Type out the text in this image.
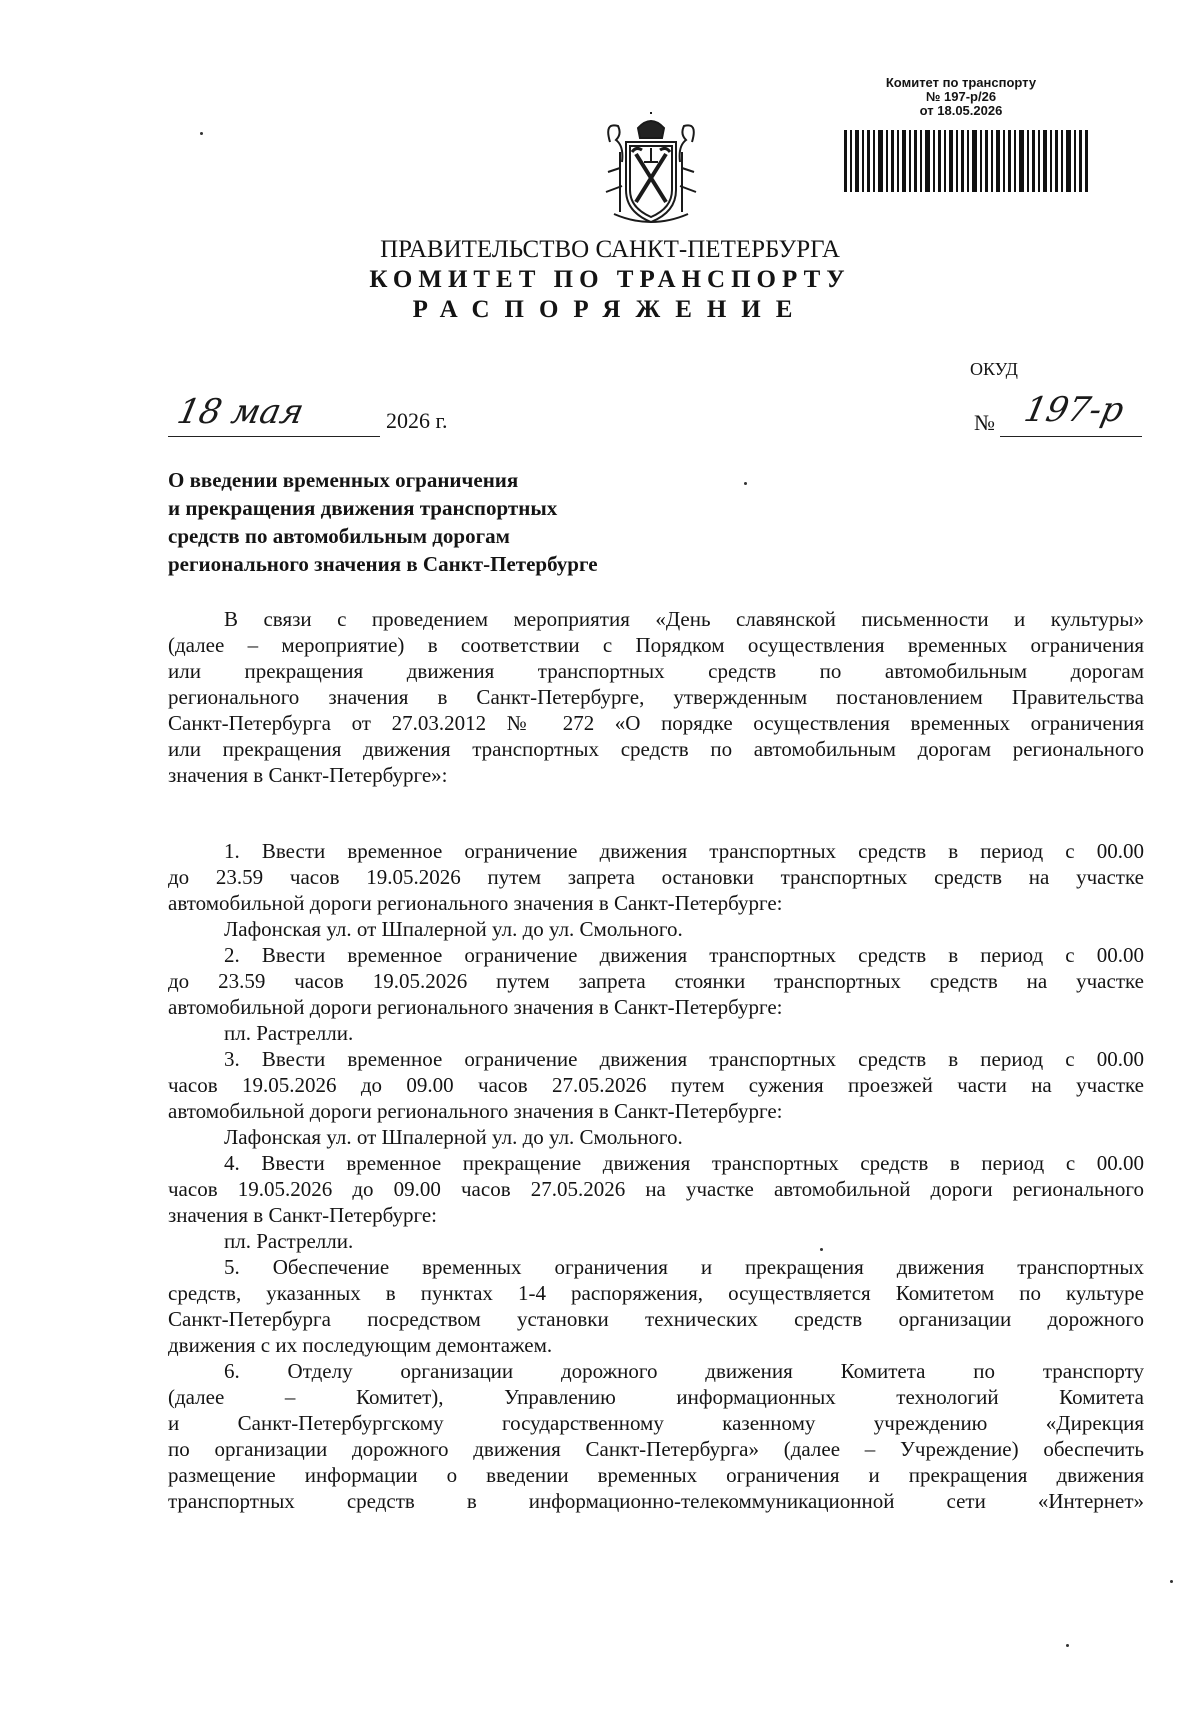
Комитет по транспорту
№ 197-р/26
от 18.05.2026
ПРАВИТЕЛЬСТВО САНКТ-ПЕТЕРБУРГА
КОМИТЕТ ПО ТРАНСПОРТУ
РАСПОРЯЖЕНИЕ
ОКУД
18 мая	2026 г.	№ 197-р
О введении временных ограничения
и прекращения движения транспортных
средств по автомобильным дорогам
регионального значения в Санкт-Петербурге
В связи с проведением мероприятия «День славянской письменности и культуры»
(далее – мероприятие) в соответствии с Порядком осуществления временных ограничения
или прекращения движения транспортных средств по автомобильным дорогам
регионального значения в Санкт-Петербурге, утвержденным постановлением Правительства
Санкт-Петербурга от 27.03.2012 № 272 «О порядке осуществления временных ограничения
или прекращения движения транспортных средств по автомобильным дорогам регионального
значения в Санкт-Петербурге»:
1. Ввести временное ограничение движения транспортных средств в период с 00.00
до 23.59 часов 19.05.2026 путем запрета остановки транспортных средств на участке
автомобильной дороги регионального значения в Санкт-Петербурге:
Лафонская ул. от Шпалерной ул. до ул. Смольного.
2. Ввести временное ограничение движения транспортных средств в период с 00.00
до 23.59 часов 19.05.2026 путем запрета стоянки транспортных средств на участке
автомобильной дороги регионального значения в Санкт-Петербурге:
пл. Растрелли.
3. Ввести временное ограничение движения транспортных средств в период с 00.00
часов 19.05.2026 до 09.00 часов 27.05.2026 путем сужения проезжей части на участке
автомобильной дороги регионального значения в Санкт-Петербурге:
Лафонская ул. от Шпалерной ул. до ул. Смольного.
4. Ввести временное прекращение движения транспортных средств в период с 00.00
часов 19.05.2026 до 09.00 часов 27.05.2026 на участке автомобильной дороги регионального
значения в Санкт-Петербурге:
пл. Растрелли.
5. Обеспечение временных ограничения и прекращения движения транспортных
средств, указанных в пунктах 1-4 распоряжения, осуществляется Комитетом по культуре
Санкт-Петербурга посредством установки технических средств организации дорожного
движения с их последующим демонтажем.
6. Отделу организации дорожного движения Комитета по транспорту
(далее – Комитет), Управлению информационных технологий Комитета
и Санкт-Петербургскому государственному казенному учреждению «Дирекция
по организации дорожного движения Санкт-Петербурга» (далее – Учреждение) обеспечить
размещение информации о введении временных ограничения и прекращения движения
транспортных средств в информационно-телекоммуникационной сети «Интернет»
